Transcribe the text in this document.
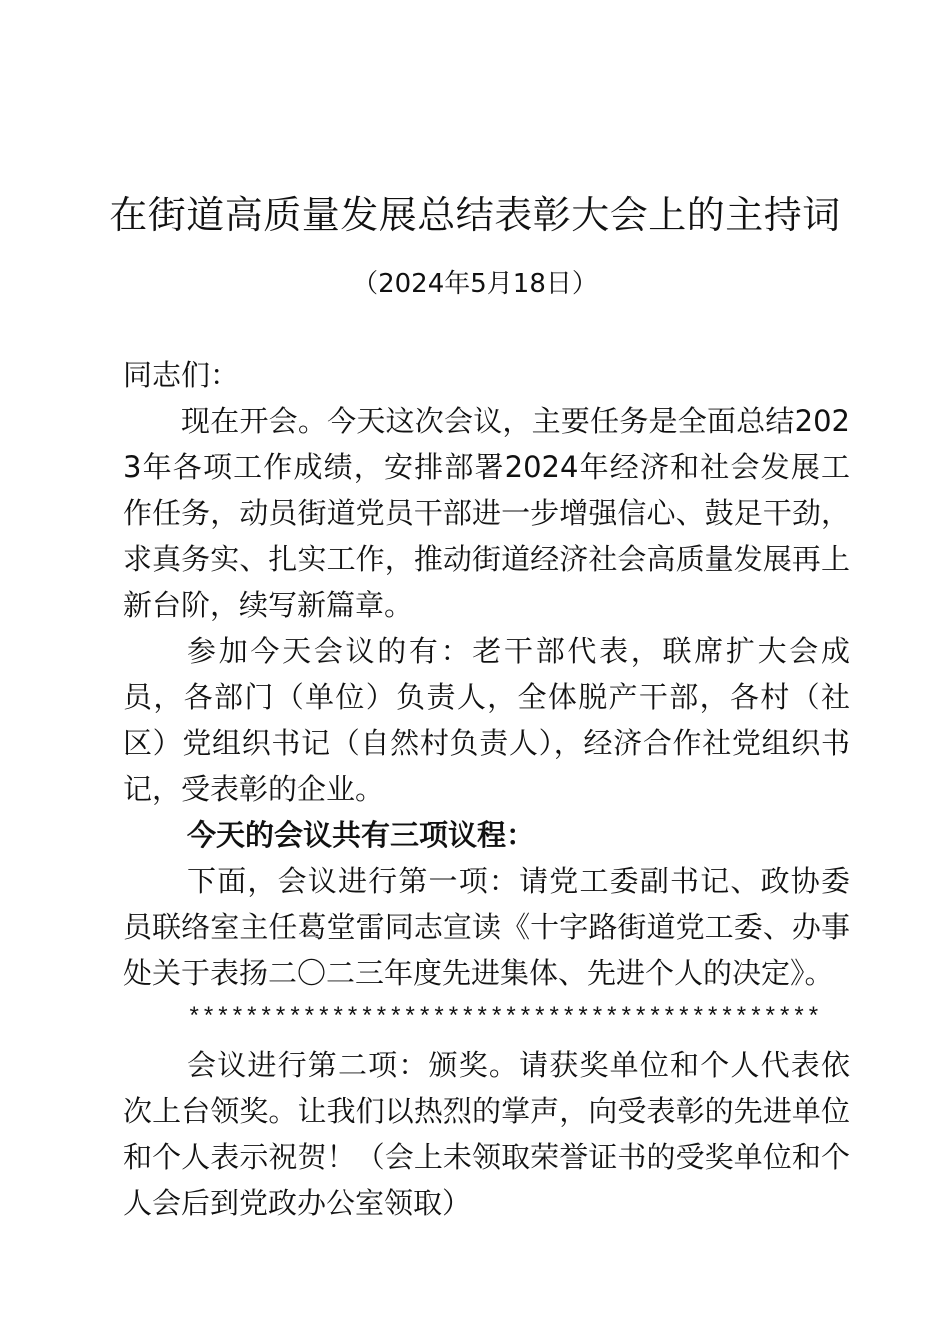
在街道高质量发展总结表彰大会上的主持词
（2024年5月18日）

同志们：

现在开会。今天这次会议，主要任务是全面总结2023年各项工作成绩，安排部署2024年经济和社会发展工作任务，动员街道党员干部进一步增强信心、鼓足干劲，求真务实、扎实工作，推动街道经济社会高质量发展再上新台阶，续写新篇章。

参加今天会议的有：老干部代表，联席扩大会成员，各部门（单位）负责人，全体脱产干部，各村（社区）党组织书记（自然村负责人），经济合作社党组织书记，受表彰的企业。

今天的会议共有三项议程：

下面，会议进行第一项：请党工委副书记、政协委员联络室主任葛堂雷同志宣读《十字路街道党工委、办事处关于表扬二〇二三年度先进集体、先进个人的决定》。

********************************************

会议进行第二项：颁奖。请获奖单位和个人代表依次上台领奖。让我们以热烈的掌声，向受表彰的先进单位和个人表示祝贺！（会上未领取荣誉证书的受奖单位和个人会后到党政办公室领取）
